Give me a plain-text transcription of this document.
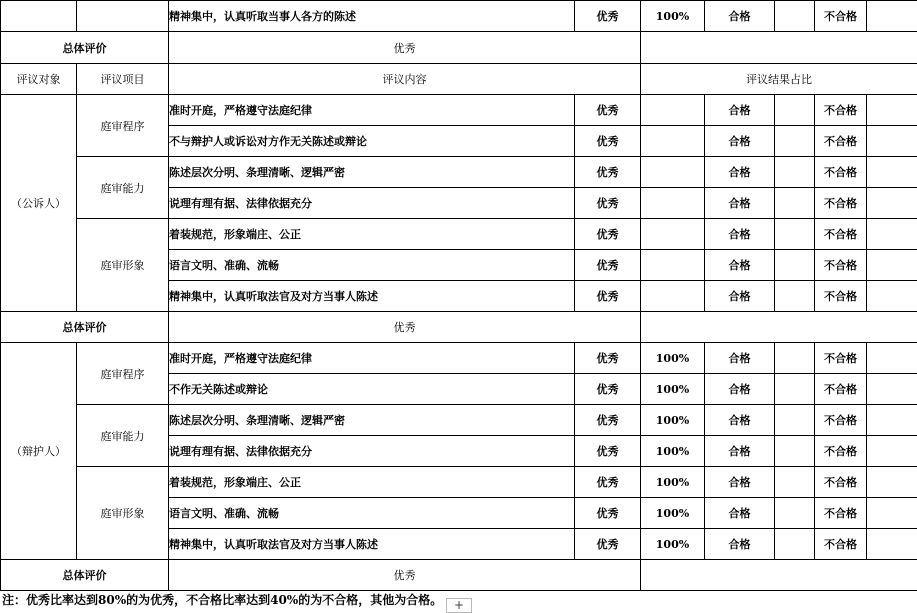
		精神集中，认真听取当事人各方的陈述	优秀	100%	合格		不合格	
总体评价		优秀						
评议对象	评议项目	评议内容		评议结果占比				
（公诉人）	庭审程序	准时开庭，严格遵守法庭纪律	优秀		合格		不合格	
		不与辩护人或诉讼对方作无关陈述或辩论	优秀		合格		不合格	
	庭审能力	陈述层次分明、条理清晰、逻辑严密	优秀		合格		不合格	
		说理有理有据、法律依据充分	优秀		合格		不合格	
	庭审形象	着装规范，形象端庄、公正	优秀		合格		不合格	
		语言文明、准确、流畅	优秀		合格		不合格	
		精神集中，认真听取法官及对方当事人陈述	优秀		合格		不合格	
总体评价		优秀						
（辩护人）	庭审程序	准时开庭，严格遵守法庭纪律	优秀	100%	合格		不合格	
		不作无关陈述或辩论	优秀	100%	合格		不合格	
	庭审能力	陈述层次分明、条理清晰、逻辑严密	优秀	100%	合格		不合格	
		说理有理有据、法律依据充分	优秀	100%	合格		不合格	
	庭审形象	着装规范，形象端庄、公正	优秀	100%	合格		不合格	
		语言文明、准确、流畅	优秀	100%	合格		不合格	
		精神集中，认真听取法官及对方当事人陈述	优秀	100%	合格		不合格	
总体评价		优秀						
注：优秀比率达到80%的为优秀，不合格比率达到40%的为不合格，其他为合格。 +
